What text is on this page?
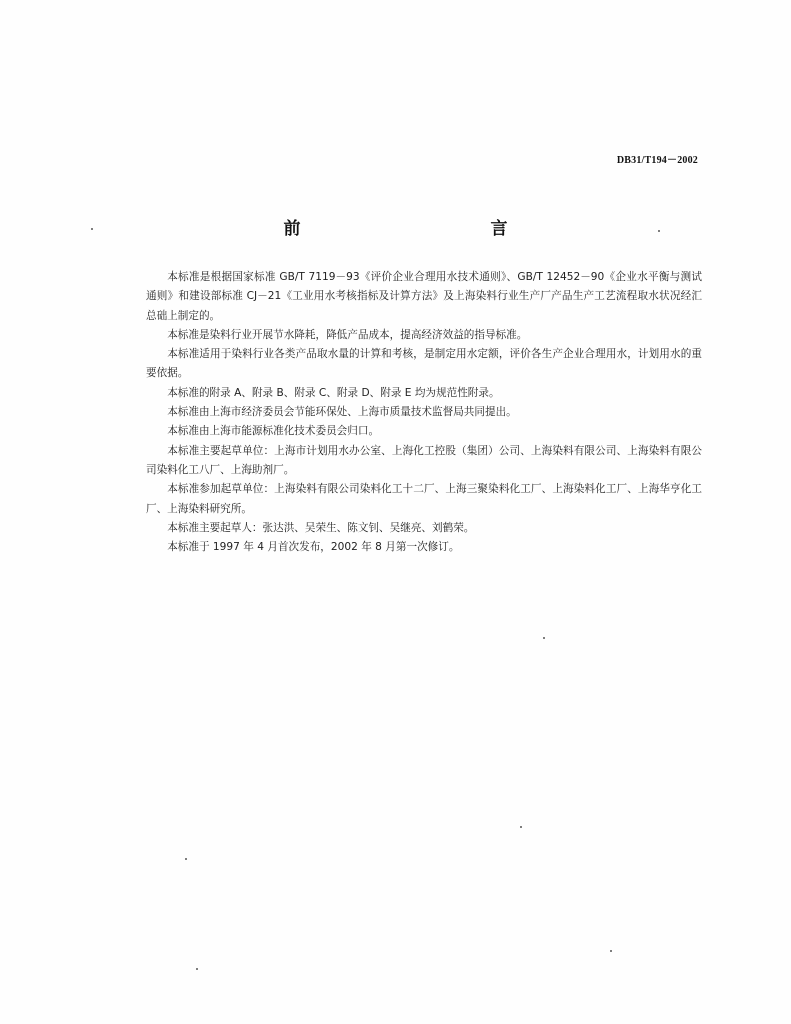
DB31/T194－2002
前　　言

本标准是根据国家标准 GB/T 7119－93《评价企业合理用水技术通则》、GB/T 12452－90《企业水平衡与测试通则》和建设部标准 CJ－21《工业用水考核指标及计算方法》及上海染料行业生产厂产品生产工艺流程取水状况经汇总础上制定的。

本标准是染料行业开展节水降耗，降低产品成本，提高经济效益的指导标准。

本标准适用于染料行业各类产品取水量的计算和考核，是制定用水定额，评价各生产企业合理用水，计划用水的重要依据。

本标准的附录 A、附录 B、附录 C、附录 D、附录 E 均为规范性附录。

本标准由上海市经济委员会节能环保处、上海市质量技术监督局共同提出。

本标准由上海市能源标准化技术委员会归口。

本标准主要起草单位：上海市计划用水办公室、上海化工控股（集团）公司、上海染料有限公司、上海染料有限公司染料化工八厂、上海助剂厂。

本标准参加起草单位：上海染料有限公司染料化工十二厂、上海三聚染料化工厂、上海染料化工厂、上海华亨化工厂、上海染料研究所。

本标准主要起草人：张达洪、吴荣生、陈文钊、吴继亮、刘鹤荣。

本标准于 1997 年 4 月首次发布，2002 年 8 月第一次修订。
